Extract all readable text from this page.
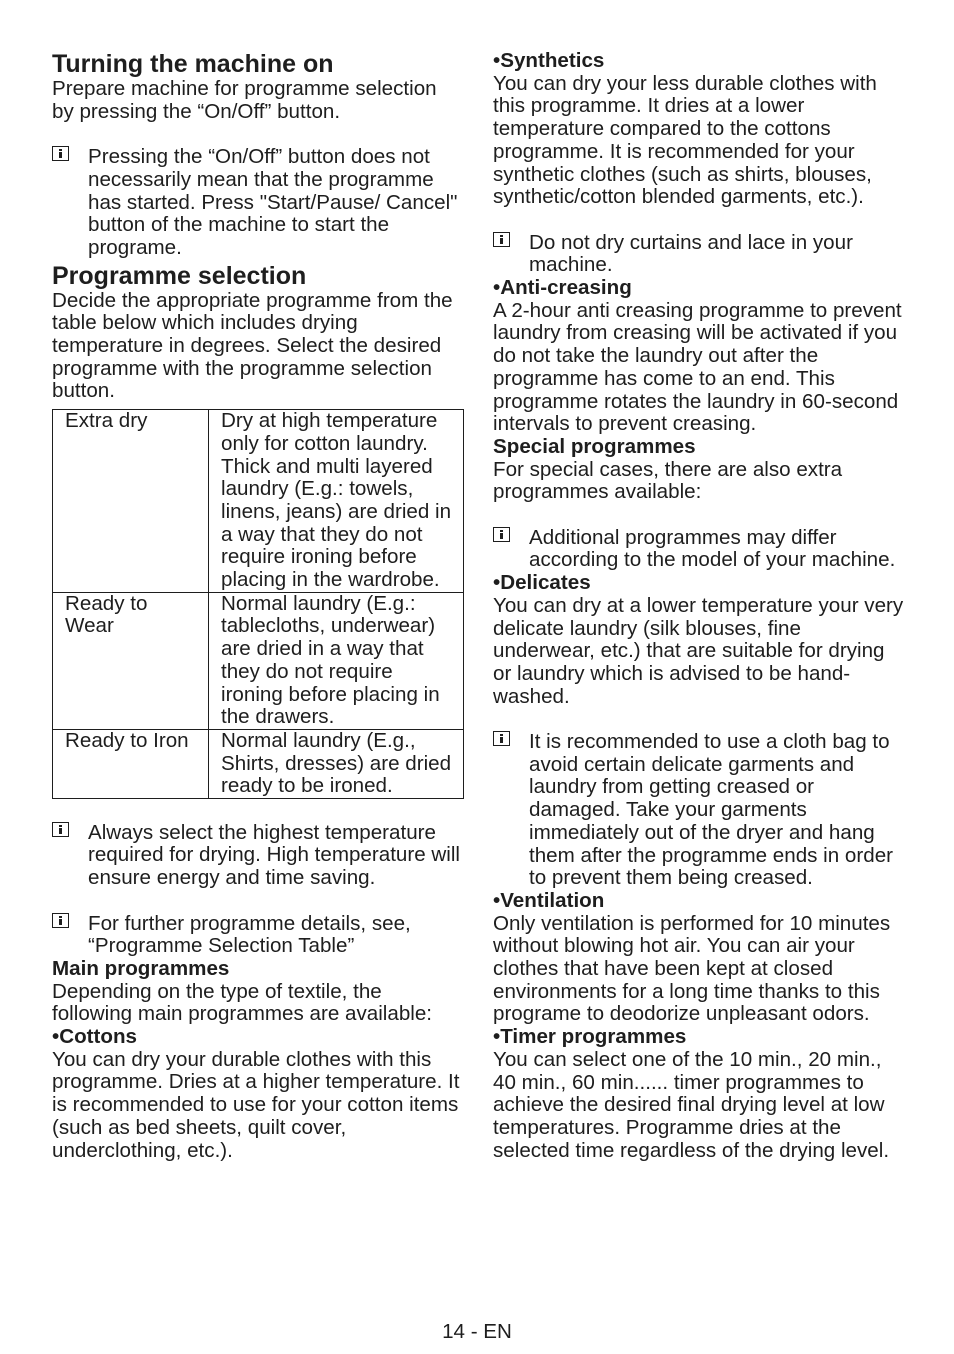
Turning the machine on

Prepare machine for programme selection by pressing the “On/Off” button.

Pressing the “On/Off” button does not necessarily mean that the programme has started. Press "Start/Pause/ Cancel" button of the machine to start the programe.

Programme selection

Decide the appropriate programme from the table below which includes drying temperature in degrees. Select the desired programme with the programme selection button.

Extra dry	Dry at high temperature only for cotton laundry. Thick and multi layered laundry (E.g.: towels, linens, jeans) are dried in a way that they do not require ironing before placing in the wardrobe.
Ready to Wear	Normal laundry (E.g.: tablecloths, underwear) are dried in a way that they do not require ironing before placing in the drawers.
Ready to Iron	Normal laundry (E.g., Shirts, dresses) are dried ready to be ironed.

Always select the highest temperature required for drying. High temperature will ensure energy and time saving.

For further programme details, see, “Programme Selection Table”

Main programmes

Depending on the type of textile, the following main programmes are available:

•Cottons

You can dry your durable clothes with this programme. Dries at a higher temperature. It is recommended to use for your cotton items (such as bed sheets, quilt cover, underclothing, etc.).

•Synthetics

You can dry your less durable clothes with this programme. It dries at a lower temperature compared to the cottons programme. It is recommended for your synthetic clothes (such as shirts, blouses, synthetic/cotton blended garments, etc.).

Do not dry curtains and lace in your machine.

•Anti-creasing

A 2-hour anti creasing programme to prevent laundry from creasing will be activated if you do not take the laundry out after the programme has come to an end. This programme rotates the laundry in 60-second intervals to prevent creasing.

Special programmes

For special cases, there are also extra programmes available:

Additional programmes may differ according to the model of your machine.

•Delicates

You can dry at a lower temperature your very delicate laundry (silk blouses, fine underwear, etc.) that are suitable for drying or laundry which is advised to be hand-washed.

It is recommended to use a cloth bag to avoid certain delicate garments and laundry from getting creased or damaged. Take your garments immediately out of the dryer and hang them after the programme ends in order to prevent them being creased.

•Ventilation

Only ventilation is performed for 10 minutes without blowing hot air. You can air your clothes that have been kept at closed environments for a long time thanks to this programe to deodorize unpleasant odors.

•Timer programmes

You can select one of the 10 min., 20 min., 40 min., 60 min...... timer programmes to achieve the desired final drying level at low temperatures. Programme dries at the selected time regardless of the drying level.

14 - EN
